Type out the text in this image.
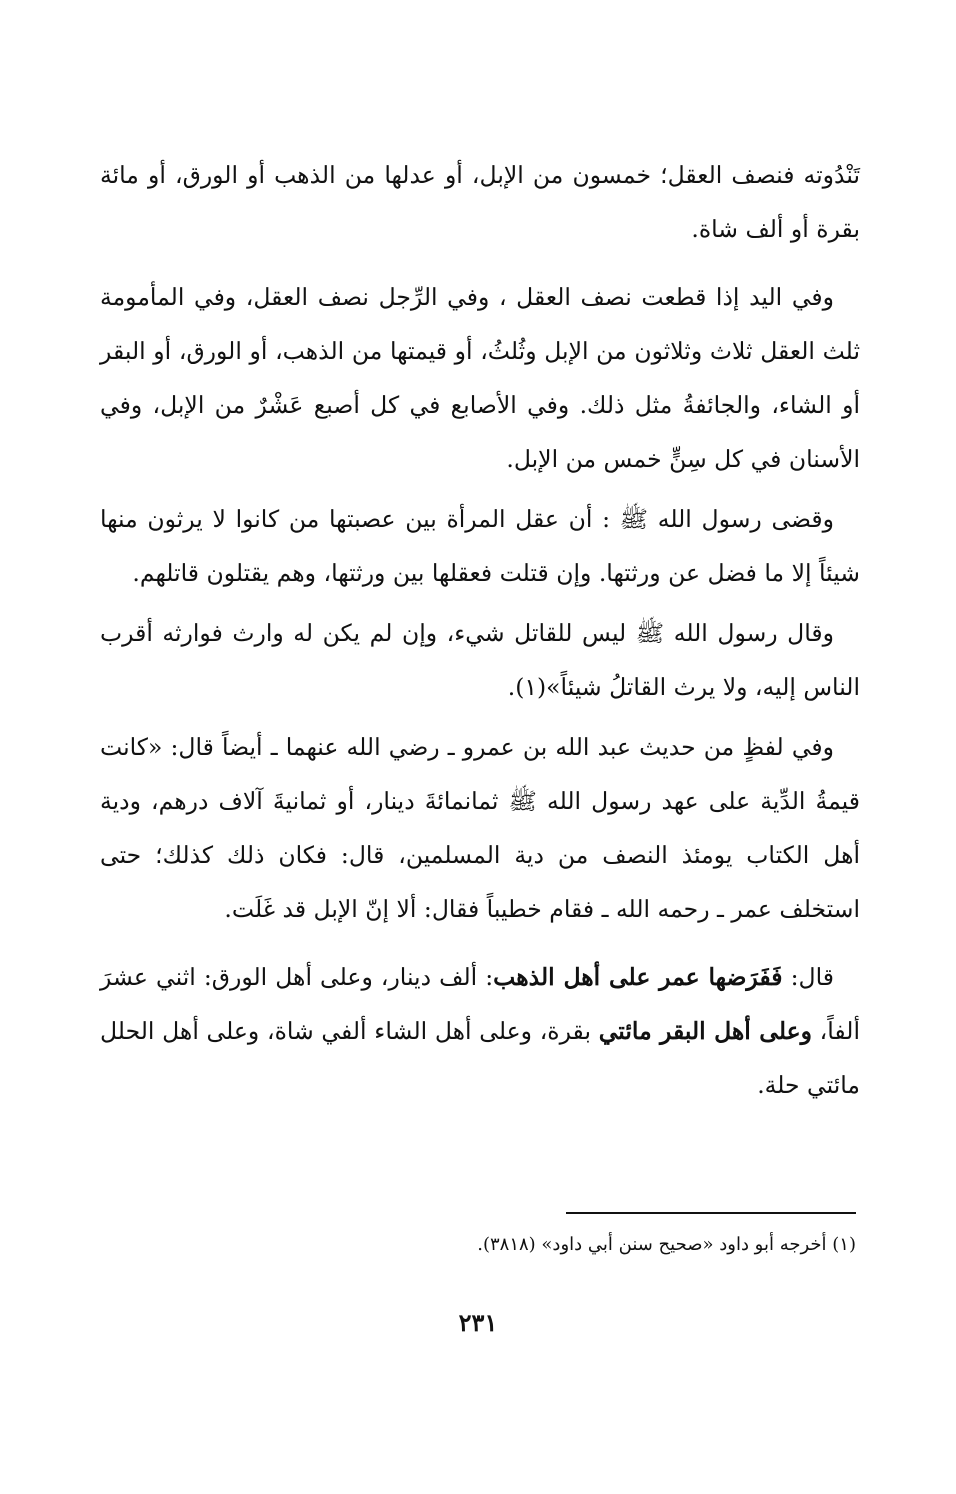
تَنْدُوته فنصف العقل؛ خمسون من الإبل، أو عدلها من الذهب أو الورق، أو مائة بقرة أو ألف شاة.

وفي اليد إذا قطعت نصف العقل ، وفي الرِّجل نصف العقل، وفي المأمومة ثلث العقل ثلاث وثلاثون من الإبل وثُلثُ، أو قيمتها من الذهب، أو الورق، أو البقر أو الشاء، والجائفةُ مثل ذلك. وفي الأصابع في كل أصبع عَشْرٌ من الإبل، وفي الأسنان في كل سِنٍّ خمس من الإبل.

وقضى رسول الله ﷺ : أن عقل المرأة بين عصبتها من كانوا لا يرثون منها شيئاً إلا ما فضل عن ورثتها. وإن قتلت فعقلها بين ورثتها، وهم يقتلون قاتلهم.

وقال رسول الله ﷺ ليس للقاتل شيء، وإن لم يكن له وارث فوارثه أقرب الناس إليه، ولا يرث القاتلُ شيئاً»(١).

وفي لفظٍ من حديث عبد الله بن عمرو ـ رضي الله عنهما ـ أيضاً قال: «كانت قيمةُ الدِّية على عهد رسول الله ﷺ ثمانمائةَ دينار، أو ثمانيةَ آلاف درهم، ودية أهل الكتاب يومئذ النصف من دية المسلمين، قال: فكان ذلك كذلك؛ حتى استخلف عمر ـ رحمه الله ـ فقام خطيباً فقال: ألا إنّ الإبل قد غَلَت.

قال: فَفَرَضها عمر على أهل الذهب: ألف دينار، وعلى أهل الورق: اثني عشرَ ألفاً، وعلى أهل البقر مائتي بقرة، وعلى أهل الشاء ألفي شاة، وعلى أهل الحلل مائتي حلة.

(١) أخرجه أبو داود «صحيح سنن أبي داود» (٣٨١٨).
٢٣١
